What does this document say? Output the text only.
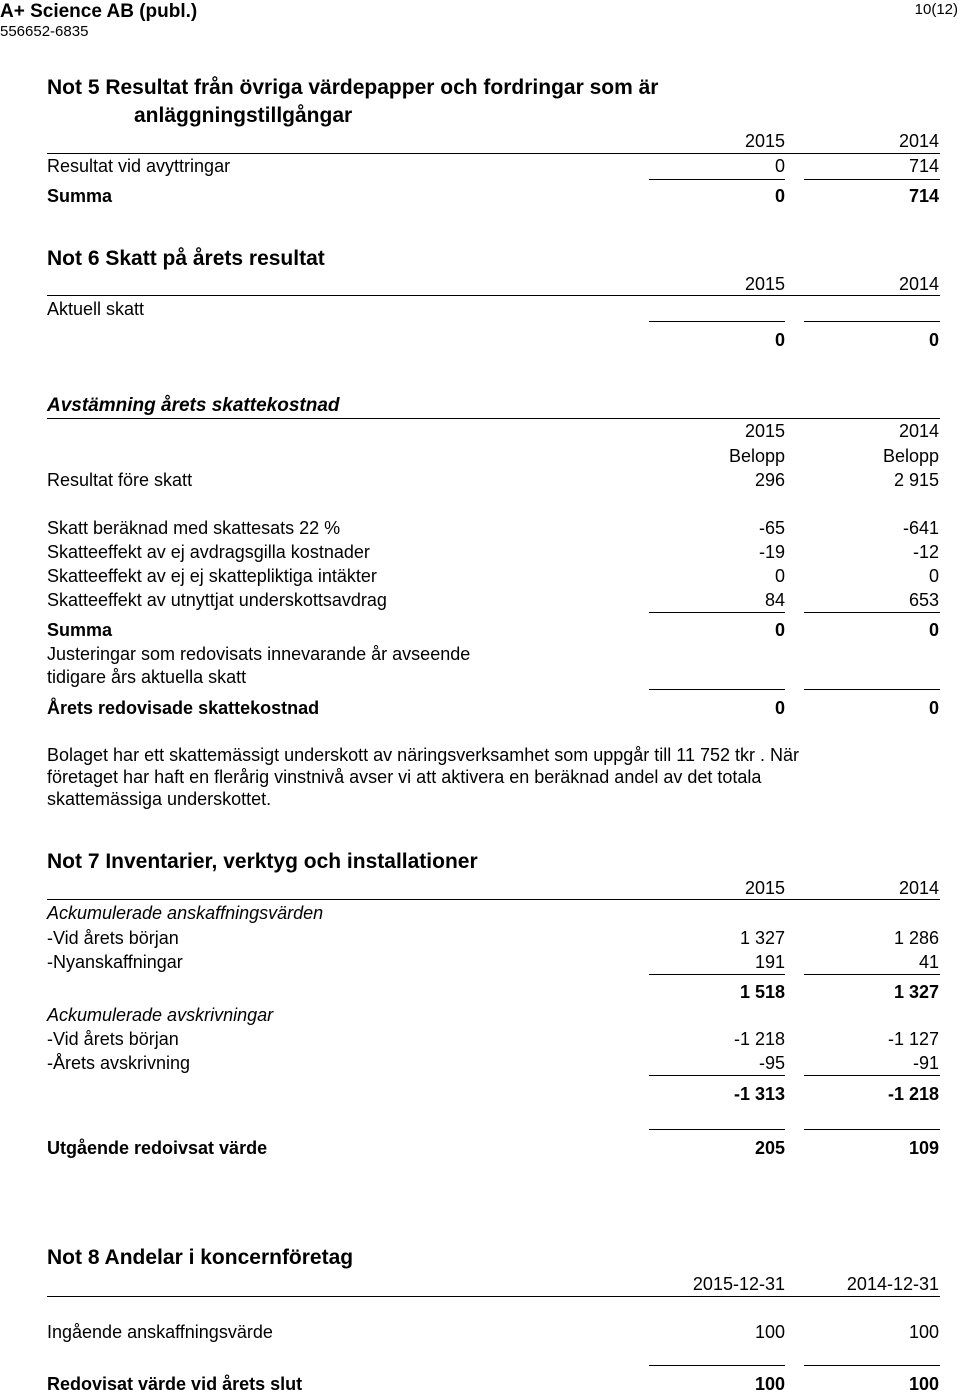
A+ Science AB (publ.)
556652-6835
10(12)
Not 5 Resultat från övriga värdepapper och fordringar som är
anläggningstillgångar
2015	2014
Resultat vid avyttringar	0	714
Summa	0	714
Not 6 Skatt på årets resultat
2015	2014
Aktuell skatt
0	0
Avstämning årets skattekostnad
2015	2014
Belopp	Belopp
Resultat före skatt	296	2 915
Skatt beräknad med skattesats 22 %	-65	-641
Skatteeffekt av ej avdragsgilla kostnader	-19	-12
Skatteeffekt av ej ej skattepliktiga intäkter	0	0
Skatteeffekt av utnyttjat underskottsavdrag	84	653
Summa	0	0
Justeringar som redovisats innevarande år avseende
tidigare års aktuella skatt
Årets redovisade skattekostnad	0	0
Bolaget har ett skattemässigt underskott av näringsverksamhet som uppgår till 11 752 tkr . När
företaget har haft en flerårig vinstnivå avser vi att aktivera en beräknad andel av det totala
skattemässiga underskottet.
Not 7 Inventarier, verktyg och installationer
2015	2014
Ackumulerade anskaffningsvärden
-Vid årets början	1 327	1 286
-Nyanskaffningar	191	41
1 518	1 327
Ackumulerade avskrivningar
-Vid årets början	-1 218	-1 127
-Årets avskrivning	-95	-91
-1 313	-1 218
Utgående redoivsat värde	205	109
Not 8 Andelar i koncernföretag
2015-12-31	2014-12-31
Ingående anskaffningsvärde	100	100
Redovisat värde vid årets slut	100	100
